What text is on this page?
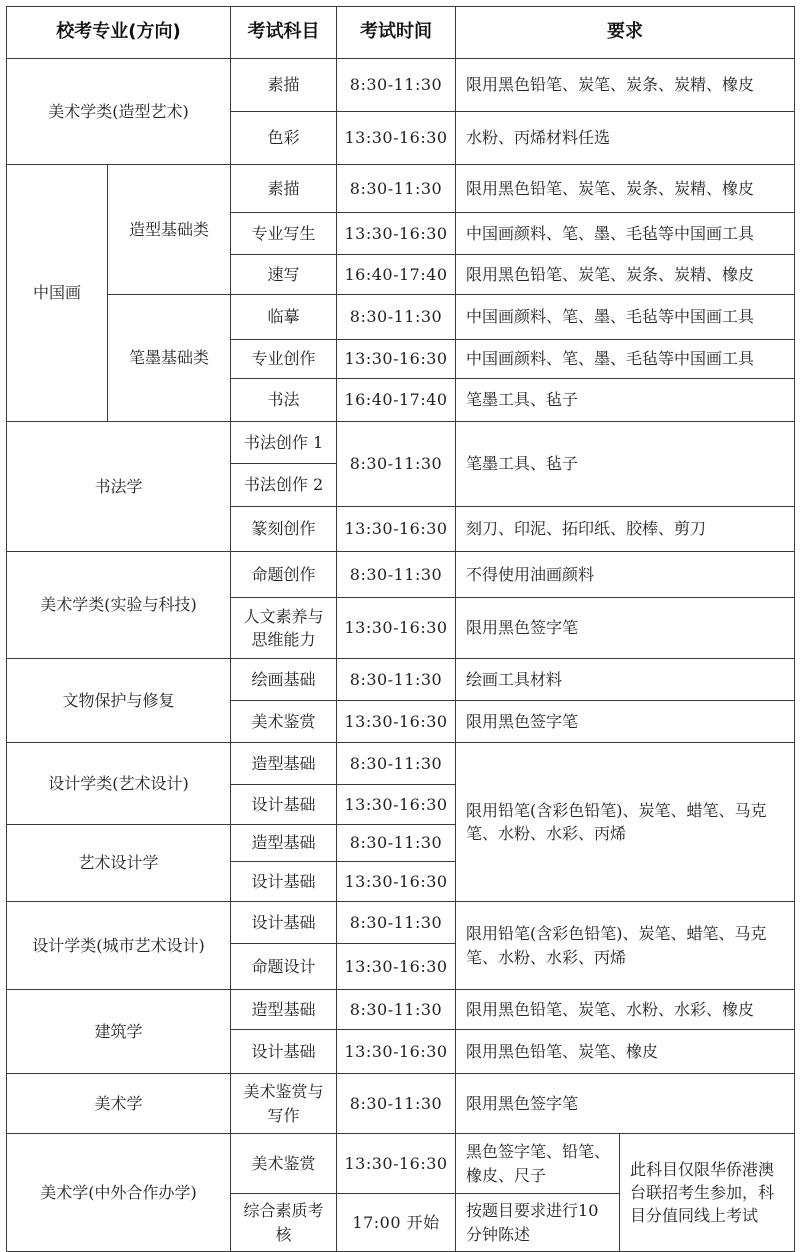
校考专业(方向)		考试科目	考试时间	要求	
美术学类(造型艺术)		素描	8:30-11:30	限用黑色铅笔、炭笔、炭条、炭精、橡皮	
		色彩	13:30-16:30	水粉、丙烯材料任选	
中国画	造型基础类	素描	8:30-11:30	限用黑色铅笔、炭笔、炭条、炭精、橡皮	
		专业写生	13:30-16:30	中国画颜料、笔、墨、毛毡等中国画工具	
		速写	16:40-17:40	限用黑色铅笔、炭笔、炭条、炭精、橡皮	
	笔墨基础类	临摹	8:30-11:30	中国画颜料、笔、墨、毛毡等中国画工具	
		专业创作	13:30-16:30	中国画颜料、笔、墨、毛毡等中国画工具	
		书法	16:40-17:40	笔墨工具、毡子	
书法学		书法创作 1	8:30-11:30	笔墨工具、毡子	
		书法创作 2			
		篆刻创作	13:30-16:30	刻刀、印泥、拓印纸、胶棒、剪刀	
美术学类(实验与科技)		命题创作	8:30-11:30	不得使用油画颜料	
		人文素养与思维能力	13:30-16:30	限用黑色签字笔	
文物保护与修复		绘画基础	8:30-11:30	绘画工具材料	
		美术鉴赏	13:30-16:30	限用黑色签字笔	
设计学类(艺术设计)		造型基础	8:30-11:30	限用铅笔(含彩色铅笔)、炭笔、蜡笔、马克笔、水粉、水彩、丙烯	
		设计基础	13:30-16:30		
艺术设计学		造型基础	8:30-11:30		
		设计基础	13:30-16:30		
设计学类(城市艺术设计)		设计基础	8:30-11:30	限用铅笔(含彩色铅笔)、炭笔、蜡笔、马克笔、水粉、水彩、丙烯	
		命题设计	13:30-16:30		
建筑学		造型基础	8:30-11:30	限用黑色铅笔、炭笔、水粉、水彩、橡皮	
		设计基础	13:30-16:30	限用黑色铅笔、炭笔、橡皮	
美术学		美术鉴赏与写作	8:30-11:30	限用黑色签字笔	
美术学(中外合作办学)		美术鉴赏	13:30-16:30	黑色签字笔、铅笔、橡皮、尺子	此科目仅限华侨港澳台联招考生参加，科目分值同线上考试
		综合素质考核	17:00 开始	按题目要求进行10分钟陈述	
